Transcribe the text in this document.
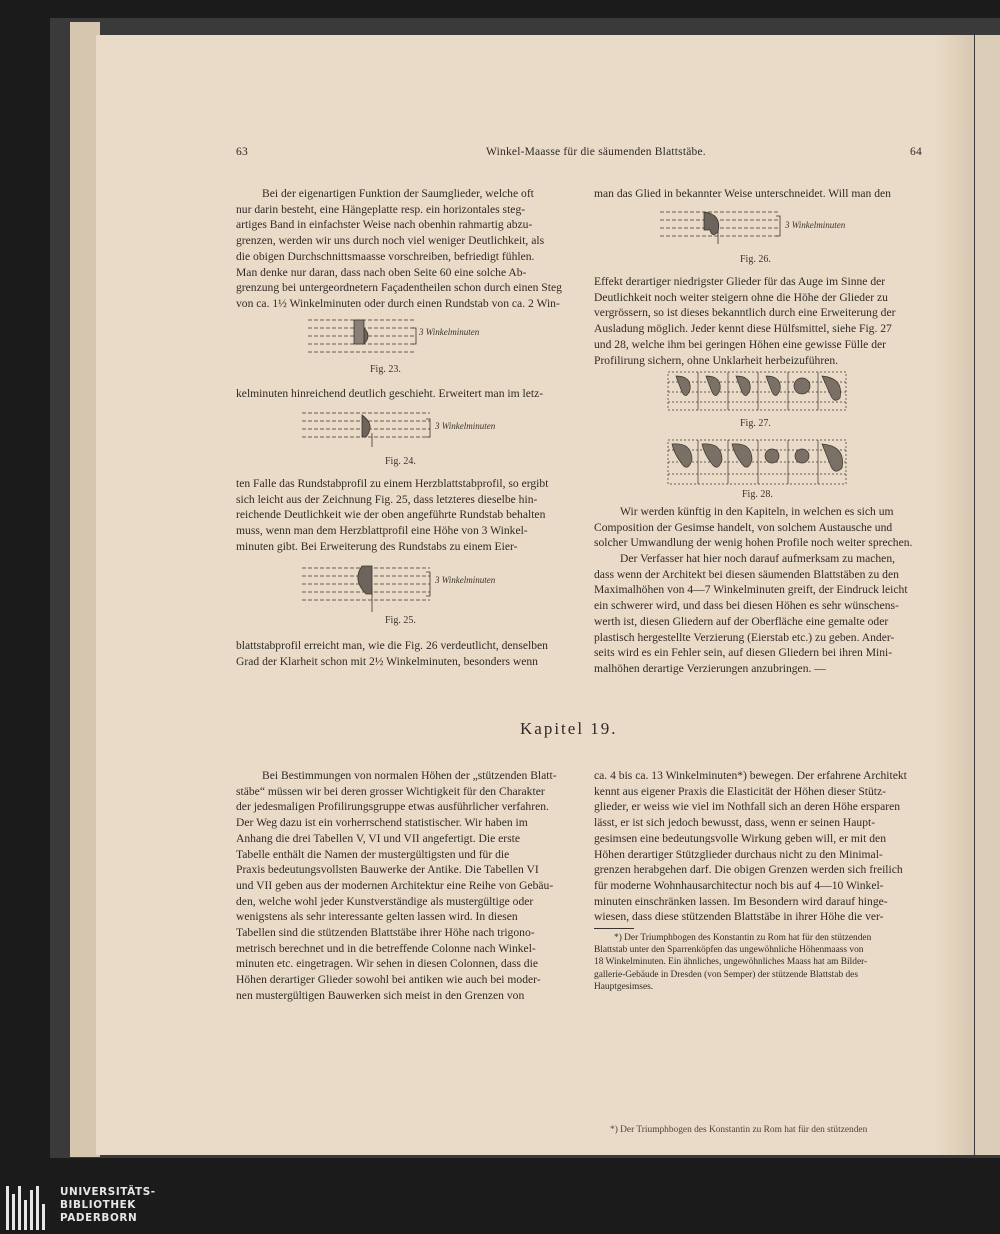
63	Winkel-Maasse für die säumenden Blattstäbe.	64

Bei der eigenartigen Funktion der Saumglieder, welche oft

nur darin besteht, eine Hängeplatte resp. ein horizontales steg-

artiges Band in einfachster Weise nach obenhin rahmartig abzu-

grenzen, werden wir uns durch noch viel weniger Deutlichkeit, als

die obigen Durchschnittsmaasse vorschreiben, befriedigt fühlen.

Man denke nur daran, dass nach oben Seite 60 eine solche Ab-

grenzung bei untergeordnetern Façadentheilen schon durch einen Steg

von ca. 1½ Winkelminuten oder durch einen Rundstab von ca. 2 Win-

3 Winkelminuten
Fig. 23.

kelminuten hinreichend deutlich geschieht. Erweitert man im letz-

3 Winkelminuten
Fig. 24.

ten Falle das Rundstabprofil zu einem Herzblattstabprofil, so ergibt

sich leicht aus der Zeichnung Fig. 25, dass letzteres dieselbe hin-

reichende Deutlichkeit wie der oben angeführte Rundstab behalten

muss, wenn man dem Herzblattprofil eine Höhe von 3 Winkel-

minuten gibt. Bei Erweiterung des Rundstabs zu einem Eier-

3 Winkelminuten
Fig. 25.

blattstabprofil erreicht man, wie die Fig. 26 verdeutlicht, denselben

Grad der Klarheit schon mit 2½ Winkelminuten, besonders wenn

man das Glied in bekannter Weise unterschneidet. Will man den

3 Winkelminuten
Fig. 26.

Effekt derartiger niedrigster Glieder für das Auge im Sinne der

Deutlichkeit noch weiter steigern ohne die Höhe der Glieder zu

vergrössern, so ist dieses bekanntlich durch eine Erweiterung der

Ausladung möglich. Jeder kennt diese Hülfsmittel, siehe Fig. 27

und 28, welche ihm bei geringen Höhen eine gewisse Fülle der

Profilirung sichern, ohne Unklarheit herbeizuführen.

Fig. 27.
Fig. 28.

Wir werden künftig in den Kapiteln, in welchen es sich um

Composition der Gesimse handelt, von solchem Austausche und

solcher Umwandlung der wenig hohen Profile noch weiter sprechen.

Der Verfasser hat hier noch darauf aufmerksam zu machen,

dass wenn der Architekt bei diesen säumenden Blattstäben zu den

Maximalhöhen von 4—7 Winkelminuten greift, der Eindruck leicht

ein schwerer wird, und dass bei diesen Höhen es sehr wünschens-

werth ist, diesen Gliedern auf der Oberfläche eine gemalte oder

plastisch hergestellte Verzierung (Eierstab etc.) zu geben. Ander-

seits wird es ein Fehler sein, auf diesen Gliedern bei ihren Mini-

malhöhen derartige Verzierungen anzubringen. —

Kapitel 19.

Bei Bestimmungen von normalen Höhen der „stützenden Blatt-

stäbe“ müssen wir bei deren grosser Wichtigkeit für den Charakter

der jedesmaligen Profilirungsgruppe etwas ausführlicher verfahren.

Der Weg dazu ist ein vorherrschend statistischer. Wir haben im

Anhang die drei Tabellen V, VI und VII angefertigt. Die erste

Tabelle enthält die Namen der mustergültigsten und für die

Praxis bedeutungsvollsten Bauwerke der Antike. Die Tabellen VI

und VII geben aus der modernen Architektur eine Reihe von Gebäu-

den, welche wohl jeder Kunstverständige als mustergültige oder

wenigstens als sehr interessante gelten lassen wird. In diesen

Tabellen sind die stützenden Blattstäbe ihrer Höhe nach trigono-

metrisch berechnet und in die betreffende Colonne nach Winkel-

minuten etc. eingetragen. Wir sehen in diesen Colonnen, dass die

Höhen derartiger Glieder sowohl bei antiken wie auch bei moder-

nen mustergültigen Bauwerken sich meist in den Grenzen von

ca. 4 bis ca. 13 Winkelminuten*) bewegen. Der erfahrene Architekt

kennt aus eigener Praxis die Elasticität der Höhen dieser Stütz-

glieder, er weiss wie viel im Nothfall sich an deren Höhe ersparen

lässt, er ist sich jedoch bewusst, dass, wenn er seinen Haupt-

gesimsen eine bedeutungsvolle Wirkung geben will, er mit den

Höhen derartiger Stützglieder durchaus nicht zu den Minimal-

grenzen herabgehen darf. Die obigen Grenzen werden sich freilich

für moderne Wohnhausarchitectur noch bis auf 4—10 Winkel-

minuten einschränken lassen. Im Besondern wird darauf hinge-

wiesen, dass diese stützenden Blattstäbe in ihrer Höhe die ver-

*) Der Triumphbogen des Konstantin zu Rom hat für den stützenden
Blattstab unter den Sparrenköpfen das ungewöhnliche Höhenmaass von
18 Winkelminuten. Ein ähnliches, ungewöhnliches Maass hat am Bilder-
gallerie-Gebäude in Dresden (von Semper) der stützende Blattstab des
Hauptgesimses.
*) Der Triumphbogen des Konstantin zu Rom hat für den stützenden
UNIVERSITÄTS-
BIBLIOTHEK
PADERBORN
